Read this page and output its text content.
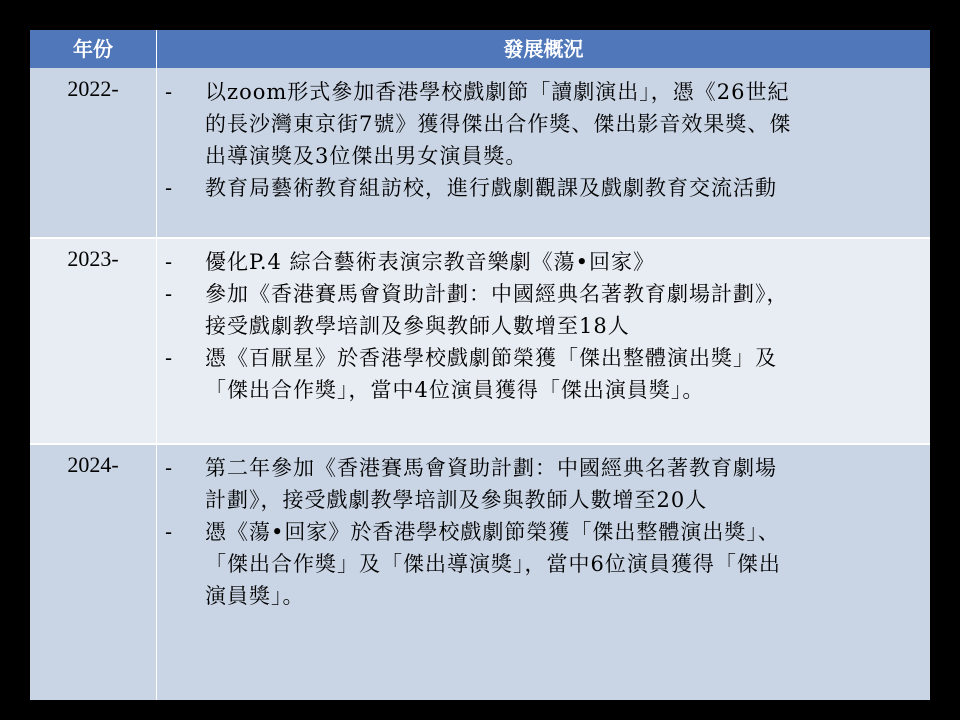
年份	發展概況
2022-	-	以zoom形式參加香港學校戲劇節「讀劇演出」，憑《26世紀
的長沙灣東京街7號》獲得傑出合作獎、傑出影音效果獎、傑
出導演獎及3位傑出男女演員獎。
-	教育局藝術教育組訪校，進行戲劇觀課及戲劇教育交流活動
2023-	-	優化P.4 綜合藝術表演宗教音樂劇《蕩•回家》
-	參加《香港賽馬會資助計劃：中國經典名著教育劇場計劃》，
接受戲劇教學培訓及參與教師人數增至18人
-	憑《百厭星》於香港學校戲劇節榮獲「傑出整體演出獎」及
「傑出合作獎」，當中4位演員獲得「傑出演員獎」。
2024-	-	第二年參加《香港賽馬會資助計劃：中國經典名著教育劇場
計劃》，接受戲劇教學培訓及參與教師人數增至20人
-	憑《蕩•回家》於香港學校戲劇節榮獲「傑出整體演出獎」、
「傑出合作獎」及「傑出導演獎」，當中6位演員獲得「傑出
演員獎」。
